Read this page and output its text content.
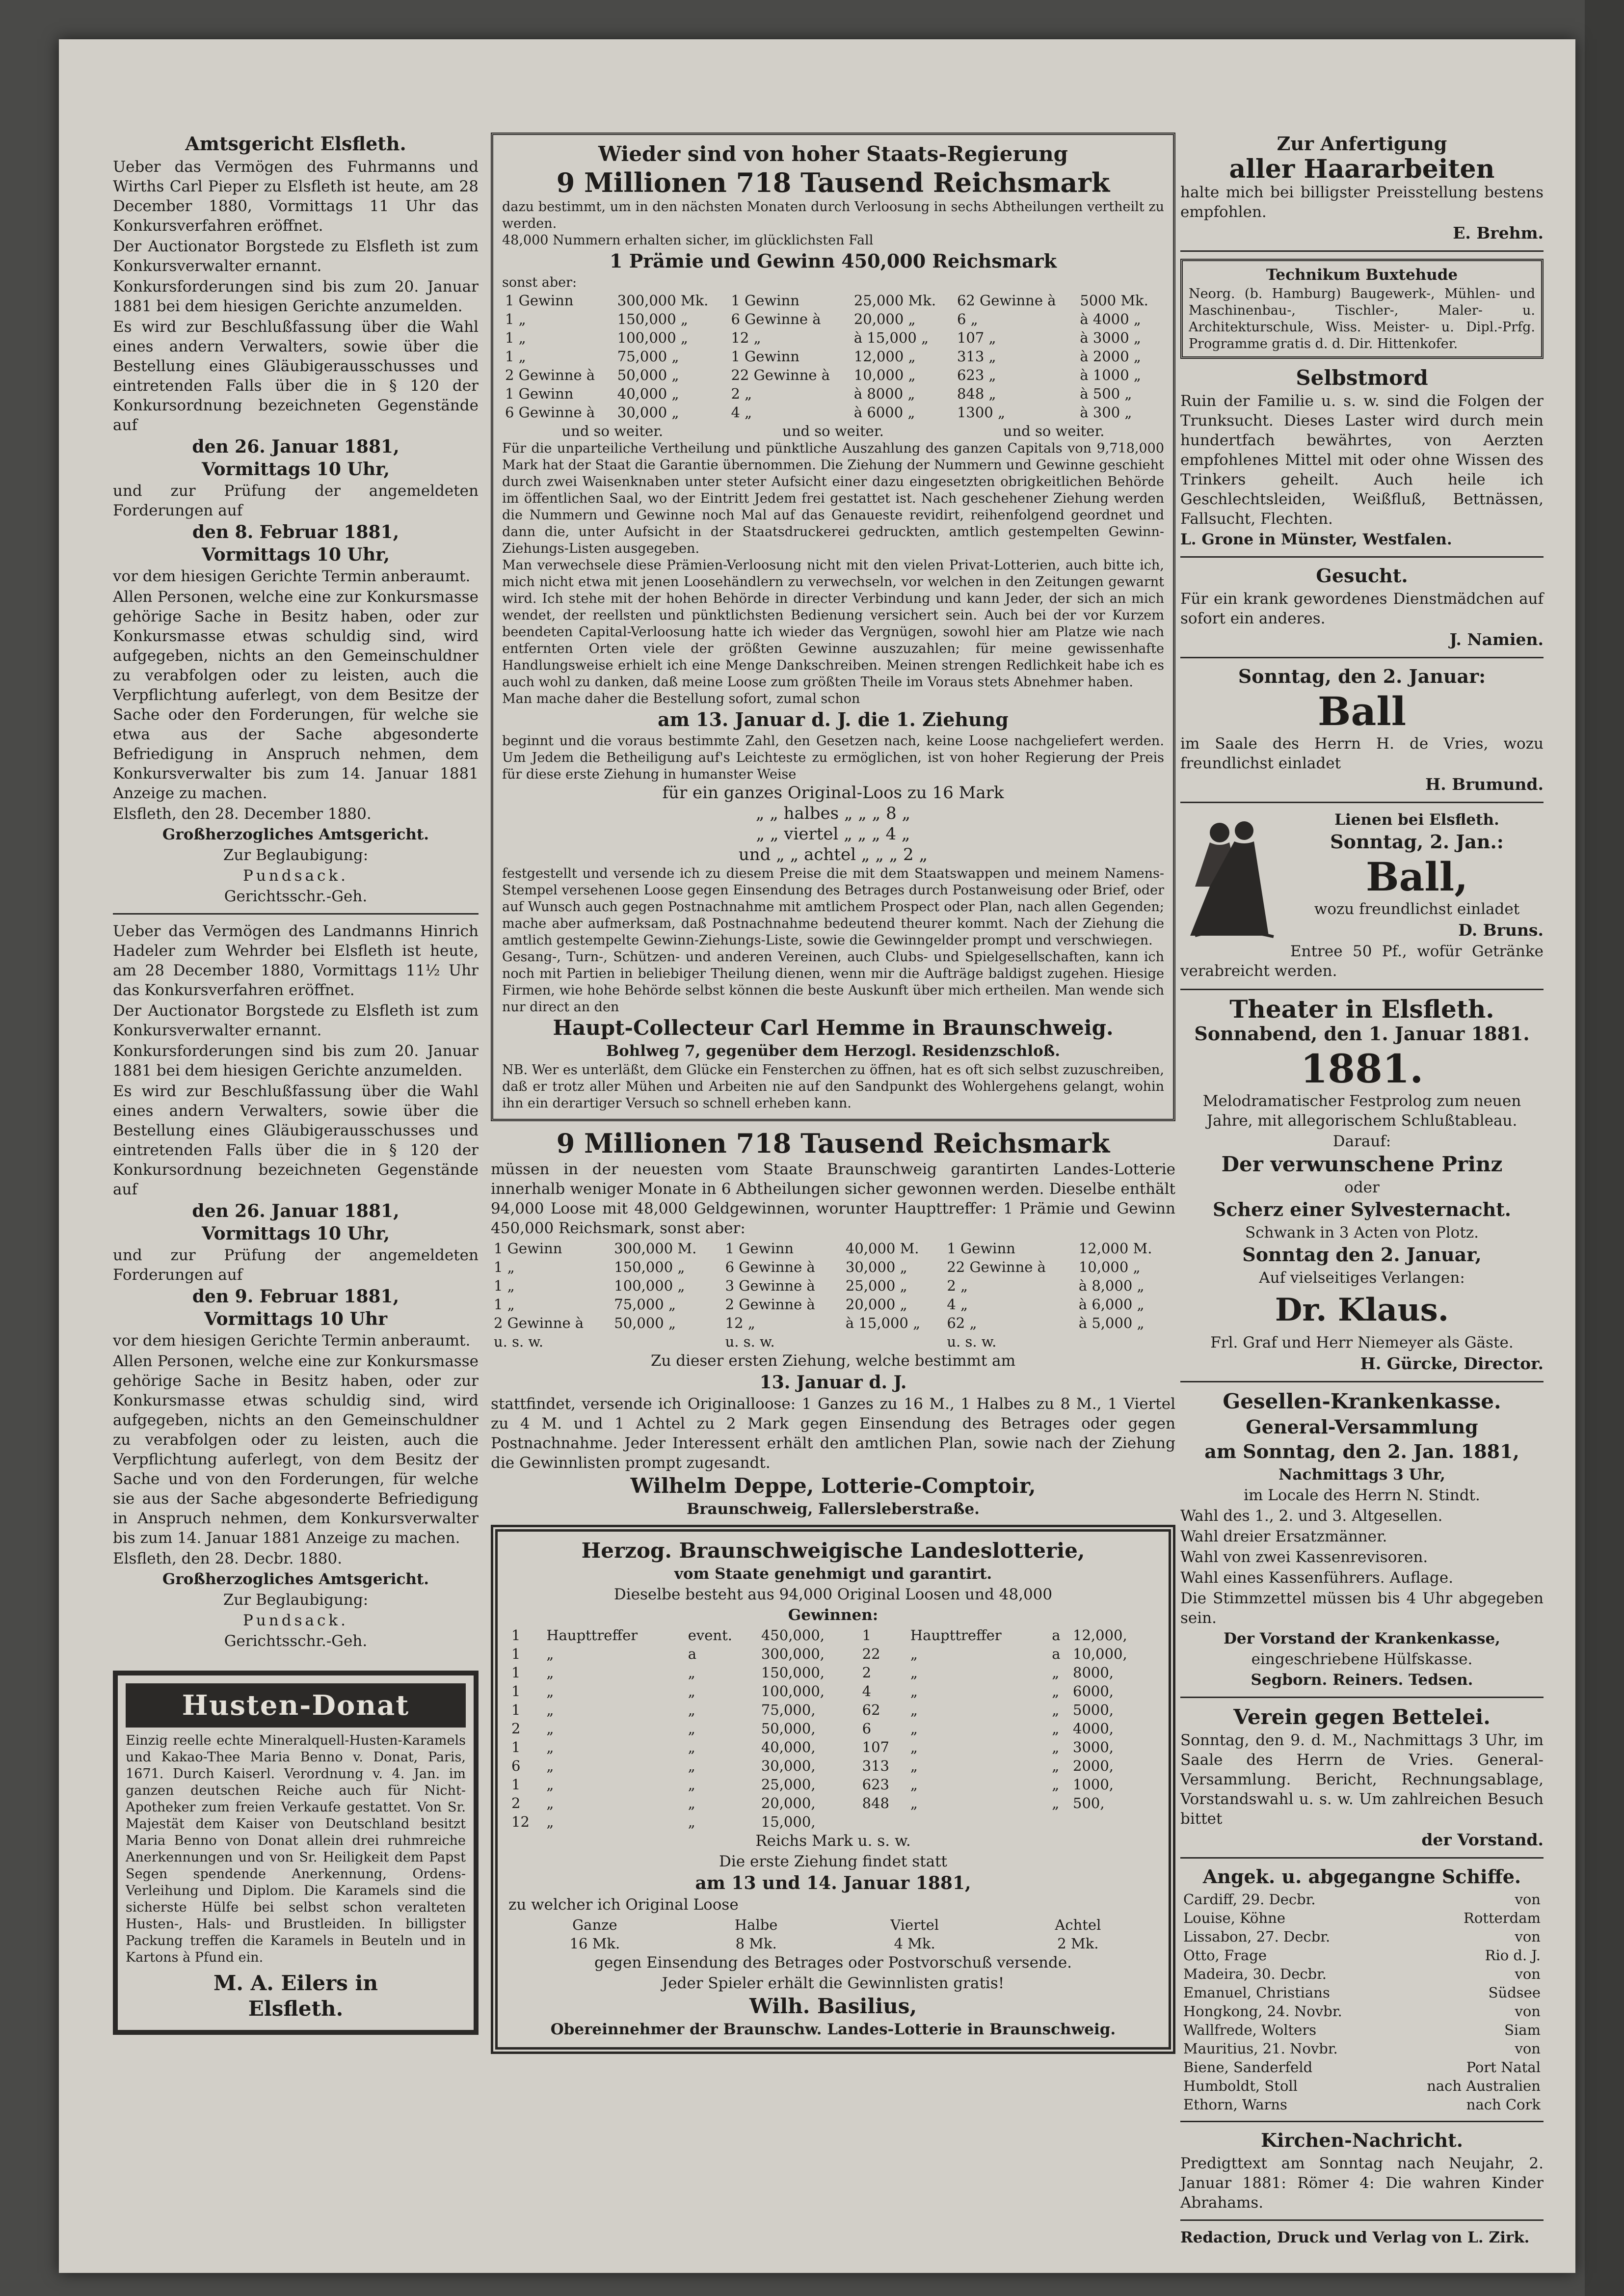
Amtsgericht Elsfleth.

Ueber das Vermögen des Fuhrmanns und Wirths Carl Pieper zu Elsfleth ist heute, am 28 December 1880, Vormittags 11 Uhr das Konkursverfahren eröffnet.

Der Auctionator Borgstede zu Elsfleth ist zum Konkursverwalter ernannt.

Konkursforderungen sind bis zum 20. Januar 1881 bei dem hiesigen Gerichte anzumelden.

Es wird zur Beschlußfassung über die Wahl eines andern Verwalters, sowie über die Bestellung eines Gläubigerausschusses und eintretenden Falls über die in § 120 der Konkursordnung bezeichneten Gegenstände auf

den 26. Januar 1881,

Vormittags 10 Uhr,

und zur Prüfung der angemeldeten Forderungen auf

den 8. Februar 1881,

Vormittags 10 Uhr,

vor dem hiesigen Gerichte Termin anberaumt.

Allen Personen, welche eine zur Konkursmasse gehörige Sache in Besitz haben, oder zur Konkursmasse etwas schuldig sind, wird aufgegeben, nichts an den Gemeinschuldner zu verabfolgen oder zu leisten, auch die Verpflichtung auferlegt, von dem Besitze der Sache oder den Forderungen, für welche sie etwa aus der Sache abgesonderte Befriedigung in Anspruch nehmen, dem Konkursverwalter bis zum 14. Januar 1881 Anzeige zu machen.

Elsfleth, den 28. December 1880.

Großherzogliches Amtsgericht.

Zur Beglaubigung:

Pundsack.

Gerichtsschr.-Geh.

Ueber das Vermögen des Landmanns Hinrich Hadeler zum Wehrder bei Elsfleth ist heute, am 28 December 1880, Vormittags 11½ Uhr das Konkursverfahren eröffnet.

Der Auctionator Borgstede zu Elsfleth ist zum Konkursverwalter ernannt.

Konkursforderungen sind bis zum 20. Januar 1881 bei dem hiesigen Gerichte anzumelden.

Es wird zur Beschlußfassung über die Wahl eines andern Verwalters, sowie über die Bestellung eines Gläubigerausschusses und eintretenden Falls über die in § 120 der Konkursordnung bezeichneten Gegenstände auf

den 26. Januar 1881,

Vormittags 10 Uhr,

und zur Prüfung der angemeldeten Forderungen auf

den 9. Februar 1881,

Vormittags 10 Uhr

vor dem hiesigen Gerichte Termin anberaumt.

Allen Personen, welche eine zur Konkursmasse gehörige Sache in Besitz haben, oder zur Konkursmasse etwas schuldig sind, wird aufgegeben, nichts an den Gemeinschuldner zu verabfolgen oder zu leisten, auch die Verpflichtung auferlegt, von dem Besitz der Sache und von den Forderungen, für welche sie aus der Sache abgesonderte Befriedigung in Anspruch nehmen, dem Konkursverwalter bis zum 14. Januar 1881 Anzeige zu machen.

Elsfleth, den 28. Decbr. 1880.

Großherzogliches Amtsgericht.

Zur Beglaubigung:

Pundsack.

Gerichtsschr.-Geh.

Husten-Donat

Einzig reelle echte Mineralquell-Husten-Karamels und Kakao-Thee Maria Benno v. Donat, Paris, 1671. Durch Kaiserl. Verordnung v. 4. Jan. im ganzen deutschen Reiche auch für Nicht-Apotheker zum freien Verkaufe gestattet. Von Sr. Majestät dem Kaiser von Deutschland besitzt Maria Benno von Donat allein drei ruhmreiche Anerkennungen und von Sr. Heiligkeit dem Papst Segen spendende Anerkennung, Ordens-Verleihung und Diplom. Die Karamels sind die sicherste Hülfe bei selbst schon veralteten Husten-, Hals- und Brustleiden. In billigster Packung treffen die Karamels in Beuteln und in Kartons à Pfund ein.

M. A. Eilers in

Elsfleth.

Wieder sind von hoher Staats-Regierung

9 Millionen 718 Tausend Reichsmark

dazu bestimmt, um in den nächsten Monaten durch Verloosung in sechs Abtheilungen vertheilt zu werden.

48,000 Nummern erhalten sicher, im glücklichsten Fall

1 Prämie und Gewinn 450,000 Reichsmark

sonst aber:

1 Gewinn	300,000 Mk.	1 Gewinn	25,000 Mk.	62 Gewinne à	5000 Mk.
1 „	150,000 „	6 Gewinne à	20,000 „	6 „	à 4000 „
1 „	100,000 „	12 „	à 15,000 „	107 „	à 3000 „
1 „	75,000 „	1 Gewinn	12,000 „	313 „	à 2000 „
2 Gewinne à	50,000 „	22 Gewinne à	10,000 „	623 „	à 1000 „
1 Gewinn	40,000 „	2 „	à 8000 „	848 „	à 500 „
6 Gewinne à	30,000 „	4 „	à 6000 „	1300 „	à 300 „
und so weiter.	und so weiter.	und so weiter.

Für die unparteiliche Vertheilung und pünktliche Auszahlung des ganzen Capitals von 9,718,000 Mark hat der Staat die Garantie übernommen. Die Ziehung der Nummern und Gewinne geschieht durch zwei Waisenknaben unter steter Aufsicht einer dazu eingesetzten obrigkeitlichen Behörde im öffentlichen Saal, wo der Eintritt Jedem frei gestattet ist. Nach geschehener Ziehung werden die Nummern und Gewinne noch Mal auf das Genaueste revidirt, reihenfolgend geordnet und dann die, unter Aufsicht in der Staatsdruckerei gedruckten, amtlich gestempelten Gewinn-Ziehungs-Listen ausgegeben.

Man verwechsele diese Prämien-Verloosung nicht mit den vielen Privat-Lotterien, auch bitte ich, mich nicht etwa mit jenen Loosehändlern zu verwechseln, vor welchen in den Zeitungen gewarnt wird. Ich stehe mit der hohen Behörde in directer Verbindung und kann Jeder, der sich an mich wendet, der reellsten und pünktlichsten Bedienung versichert sein. Auch bei der vor Kurzem beendeten Capital-Verloosung hatte ich wieder das Vergnügen, sowohl hier am Platze wie nach entfernten Orten viele der größten Gewinne auszuzahlen; für meine gewissenhafte Handlungsweise erhielt ich eine Menge Dankschreiben. Meinen strengen Redlichkeit habe ich es auch wohl zu danken, daß meine Loose zum größten Theile im Voraus stets Abnehmer haben.

Man mache daher die Bestellung sofort, zumal schon

am 13. Januar d. J. die 1. Ziehung

beginnt und die voraus bestimmte Zahl, den Gesetzen nach, keine Loose nachgeliefert werden. Um Jedem die Betheiligung auf's Leichteste zu ermöglichen, ist von hoher Regierung der Preis für diese erste Ziehung in humanster Weise

für ein ganzes Original-Loos zu 16 Mark

„ „ halbes „ „ „ 8 „

„ „ viertel „ „ „ 4 „

und „ „ achtel „ „ „ 2 „

festgestellt und versende ich zu diesem Preise die mit dem Staatswappen und meinem Namens-Stempel versehenen Loose gegen Einsendung des Betrages durch Postanweisung oder Brief, oder auf Wunsch auch gegen Postnachnahme mit amtlichem Prospect oder Plan, nach allen Gegenden; mache aber aufmerksam, daß Postnachnahme bedeutend theurer kommt. Nach der Ziehung die amtlich gestempelte Gewinn-Ziehungs-Liste, sowie die Gewinngelder prompt und verschwiegen.

Gesang-, Turn-, Schützen- und anderen Vereinen, auch Clubs- und Spielgesellschaften, kann ich noch mit Partien in beliebiger Theilung dienen, wenn mir die Aufträge baldigst zugehen. Hiesige Firmen, wie hohe Behörde selbst können die beste Auskunft über mich ertheilen. Man wende sich nur direct an den

Haupt-Collecteur Carl Hemme in Braunschweig.

Bohlweg 7, gegenüber dem Herzogl. Residenzschloß.

NB. Wer es unterläßt, dem Glücke ein Fensterchen zu öffnen, hat es oft sich selbst zuzuschreiben, daß er trotz aller Mühen und Arbeiten nie auf den Sandpunkt des Wohlergehens gelangt, wohin ihn ein derartiger Versuch so schnell erheben kann.

9 Millionen 718 Tausend Reichsmark

müssen in der neuesten vom Staate Braunschweig garantirten Landes-Lotterie innerhalb weniger Monate in 6 Abtheilungen sicher gewonnen werden. Dieselbe enthält 94,000 Loose mit 48,000 Geldgewinnen, worunter Haupttreffer: 1 Prämie und Gewinn 450,000 Reichsmark, sonst aber:

1 Gewinn	300,000 M.	1 Gewinn	40,000 M.	1 Gewinn	12,000 M.
1 „	150,000 „	6 Gewinne à	30,000 „	22 Gewinne à	10,000 „
1 „	100,000 „	3 Gewinne à	25,000 „	2 „	à 8,000 „
1 „	75,000 „	2 Gewinne à	20,000 „	4 „	à 6,000 „
2 Gewinne à	50,000 „	12 „	à 15,000 „	62 „	à 5,000 „
u. s. w.		u. s. w.		u. s. w.	

Zu dieser ersten Ziehung, welche bestimmt am

13. Januar d. J.

stattfindet, versende ich Originalloose: 1 Ganzes zu 16 M., 1 Halbes zu 8 M., 1 Viertel zu 4 M. und 1 Achtel zu 2 Mark gegen Einsendung des Betrages oder gegen Postnachnahme. Jeder Interessent erhält den amtlichen Plan, sowie nach der Ziehung die Gewinnlisten prompt zugesandt.

Wilhelm Deppe, Lotterie-Comptoir,

Braunschweig, Fallersleberstraße.

Herzog. Braunschweigische Landeslotterie,

vom Staate genehmigt und garantirt.

Dieselbe besteht aus 94,000 Original Loosen und 48,000

Gewinnen:

1	Haupttreffer	event.	450,000,	1	Haupttreffer	a	12,000,
1	„	a	300,000,	22	„	a	10,000,
1	„	„	150,000,	2	„	„	8000,
1	„	„	100,000,	4	„	„	6000,
1	„	„	75,000,	62	„	„	5000,
2	„	„	50,000,	6	„	„	4000,
1	„	„	40,000,	107	„	„	3000,
6	„	„	30,000,	313	„	„	2000,
1	„	„	25,000,	623	„	„	1000,
2	„	„	20,000,	848	„	„	500,
12	„	„	15,000,				

Reichs Mark u. s. w.

Die erste Ziehung findet statt

am 13 und 14. Januar 1881,

zu welcher ich Original Loose

Ganze	Halbe	Viertel	Achtel
16 Mk.	8 Mk.	4 Mk.	2 Mk.

gegen Einsendung des Betrages oder Postvorschuß versende.

Jeder Spieler erhält die Gewinnlisten gratis!

Wilh. Basilius,

Obereinnehmer der Braunschw. Landes-Lotterie in Braunschweig.

Zur Anfertigung

aller Haararbeiten

halte mich bei billigster Preisstellung bestens empfohlen.

E. Brehm.

Technikum Buxtehude

Neorg. (b. Hamburg) Baugewerk-, Mühlen- und Maschinenbau-, Tischler-, Maler- u. Architekturschule, Wiss. Meister- u. Dipl.-Prfg. Programme gratis d. d. Dir. Hittenkofer.

Selbstmord

Ruin der Familie u. s. w. sind die Folgen der Trunksucht. Dieses Laster wird durch mein hundertfach bewährtes, von Aerzten empfohlenes Mittel mit oder ohne Wissen des Trinkers geheilt. Auch heile ich Geschlechtsleiden, Weißfluß, Bettnässen, Fallsucht, Flechten.

L. Grone in Münster, Westfalen.

Gesucht.

Für ein krank gewordenes Dienstmädchen auf sofort ein anderes.

J. Namien.

Sonntag, den 2. Januar:

Ball

im Saale des Herrn H. de Vries, wozu freundlichst einladet

H. Brumund.

Lienen bei Elsfleth.

Sonntag, 2. Jan.:

Ball,

wozu freundlichst einladet

D. Bruns.

Entree 50 Pf., wofür Getränke verabreicht werden.

Theater in Elsfleth.

Sonnabend, den 1. Januar 1881.

1881.

Melodramatischer Festprolog zum neuen Jahre, mit allegorischem Schlußtableau.

Darauf:

Der verwunschene Prinz

oder

Scherz einer Sylvesternacht.

Schwank in 3 Acten von Plotz.

Sonntag den 2. Januar,

Auf vielseitiges Verlangen:

Dr. Klaus.

Frl. Graf und Herr Niemeyer als Gäste.

H. Gürcke, Director.

Gesellen-Krankenkasse.

General-Versammlung

am Sonntag, den 2. Jan. 1881,

Nachmittags 3 Uhr,

im Locale des Herrn N. Stindt.

Wahl des 1., 2. und 3. Altgesellen.

Wahl dreier Ersatzmänner.

Wahl von zwei Kassenrevisoren.

Wahl eines Kassenführers. Auflage.

Die Stimmzettel müssen bis 4 Uhr abgegeben sein.

Der Vorstand der Krankenkasse,

eingeschriebene Hülfskasse.

Segborn. Reiners. Tedsen.

Verein gegen Bettelei.

Sonntag, den 9. d. M., Nachmittags 3 Uhr, im Saale des Herrn de Vries. General-Versammlung. Bericht, Rechnungsablage, Vorstandswahl u. s. w. Um zahlreichen Besuch bittet

der Vorstand.

Angek. u. abgegangne Schiffe.

Cardiff, 29. Decbr.	von
Louise, Köhne	Rotterdam
Lissabon, 27. Decbr.	von
Otto, Frage	Rio d. J.
Madeira, 30. Decbr.	von
Emanuel, Christians	Südsee
Hongkong, 24. Novbr.	von
Wallfrede, Wolters	Siam
Mauritius, 21. Novbr.	von
Biene, Sanderfeld	Port Natal
Humboldt, Stoll	nach Australien
Ethorn, Warns	nach Cork

Kirchen-Nachricht.

Predigttext am Sonntag nach Neujahr, 2. Januar 1881: Römer 4: Die wahren Kinder Abrahams.

Redaction, Druck und Verlag von L. Zirk.
